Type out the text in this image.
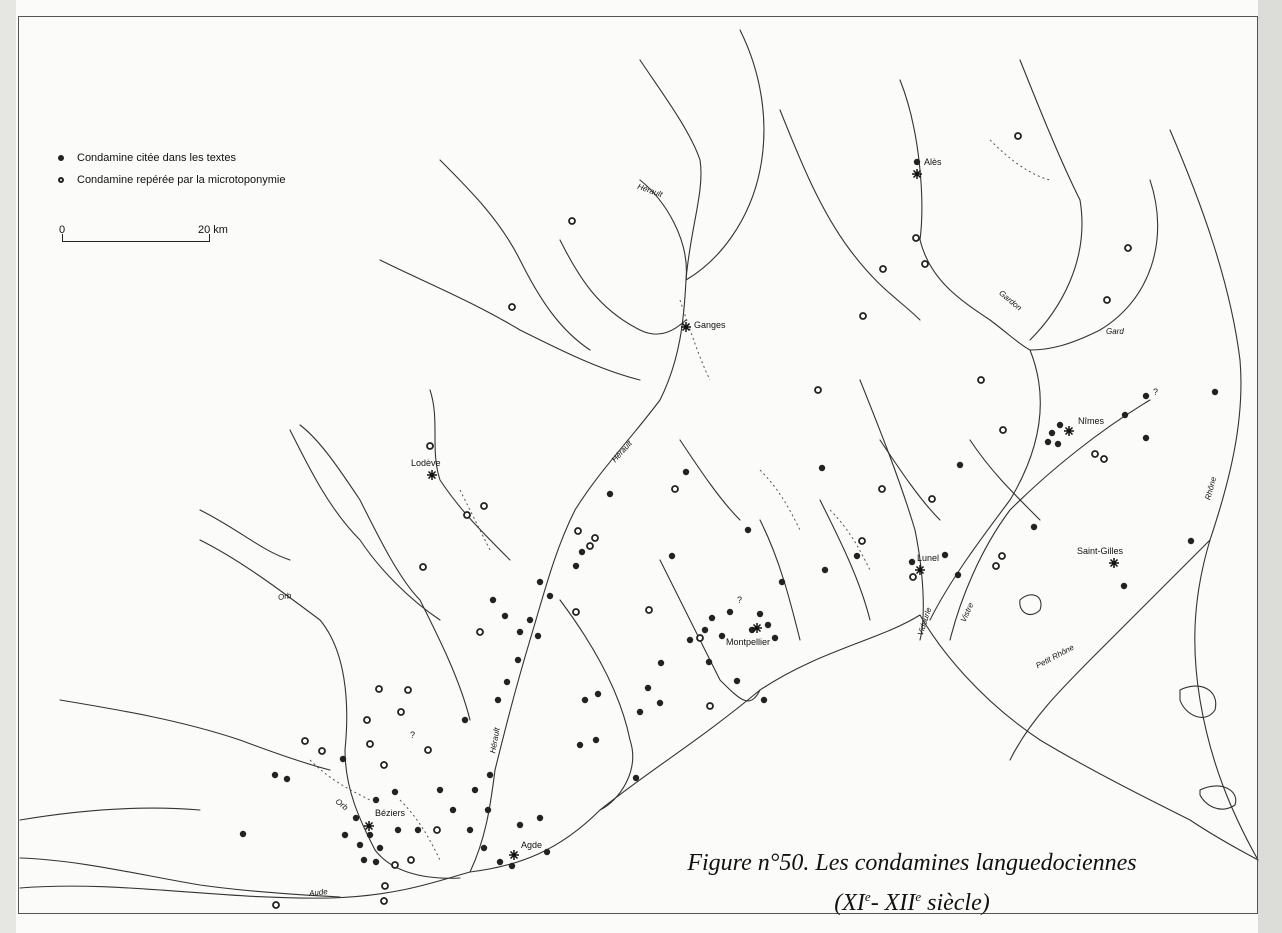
Condamine citée dans les textes
Condamine repérée par la microtoponymie
0	20 km
Alès
Ganges
Lodève
Nîmes
Lunel
Saint-Gilles
Montpellier
Béziers
Agde
Hérault
Hérault
Hérault
Gardon
Gard
Rhône
Petit Rhône
Vidourle	Vistre
Orb
Orb
Aude
?
?
?
Figure n°50. Les condamines languedociennes
(XIe- XIIe siècle)
